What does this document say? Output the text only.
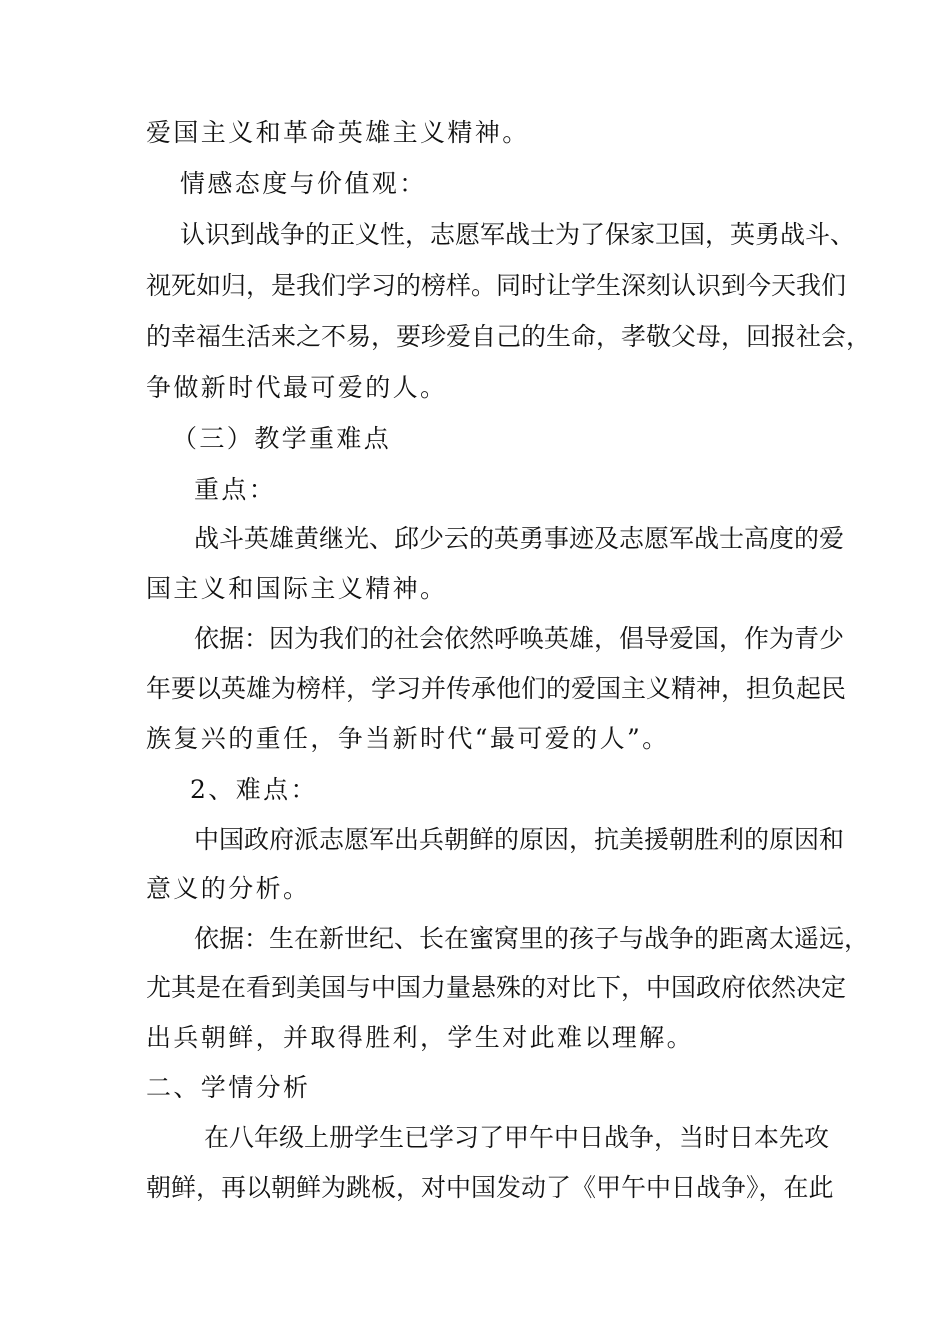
爱国主义和革命英雄主义精神。
情感态度与价值观：
认识到战争的正义性，志愿军战士为了保家卫国，英勇战斗、
视死如归，是我们学习的榜样。同时让学生深刻认识到今天我们
的幸福生活来之不易，要珍爱自己的生命，孝敬父母，回报社会，
争做新时代最可爱的人。
（三）教学重难点
重点：
战斗英雄黄继光、邱少云的英勇事迹及志愿军战士高度的爱
国主义和国际主义精神。
依据：因为我们的社会依然呼唤英雄，倡导爱国，作为青少
年要以英雄为榜样，学习并传承他们的爱国主义精神，担负起民
族复兴的重任，争当新时代“最可爱的人”。
2、难点：
中国政府派志愿军出兵朝鲜的原因，抗美援朝胜利的原因和
意义的分析。
依据：生在新世纪、长在蜜窝里的孩子与战争的距离太遥远，
尤其是在看到美国与中国力量悬殊的对比下，中国政府依然决定
出兵朝鲜，并取得胜利，学生对此难以理解。
二、学情分析
在八年级上册学生已学习了甲午中日战争，当时日本先攻
朝鲜，再以朝鲜为跳板，对中国发动了《甲午中日战争》，在此
